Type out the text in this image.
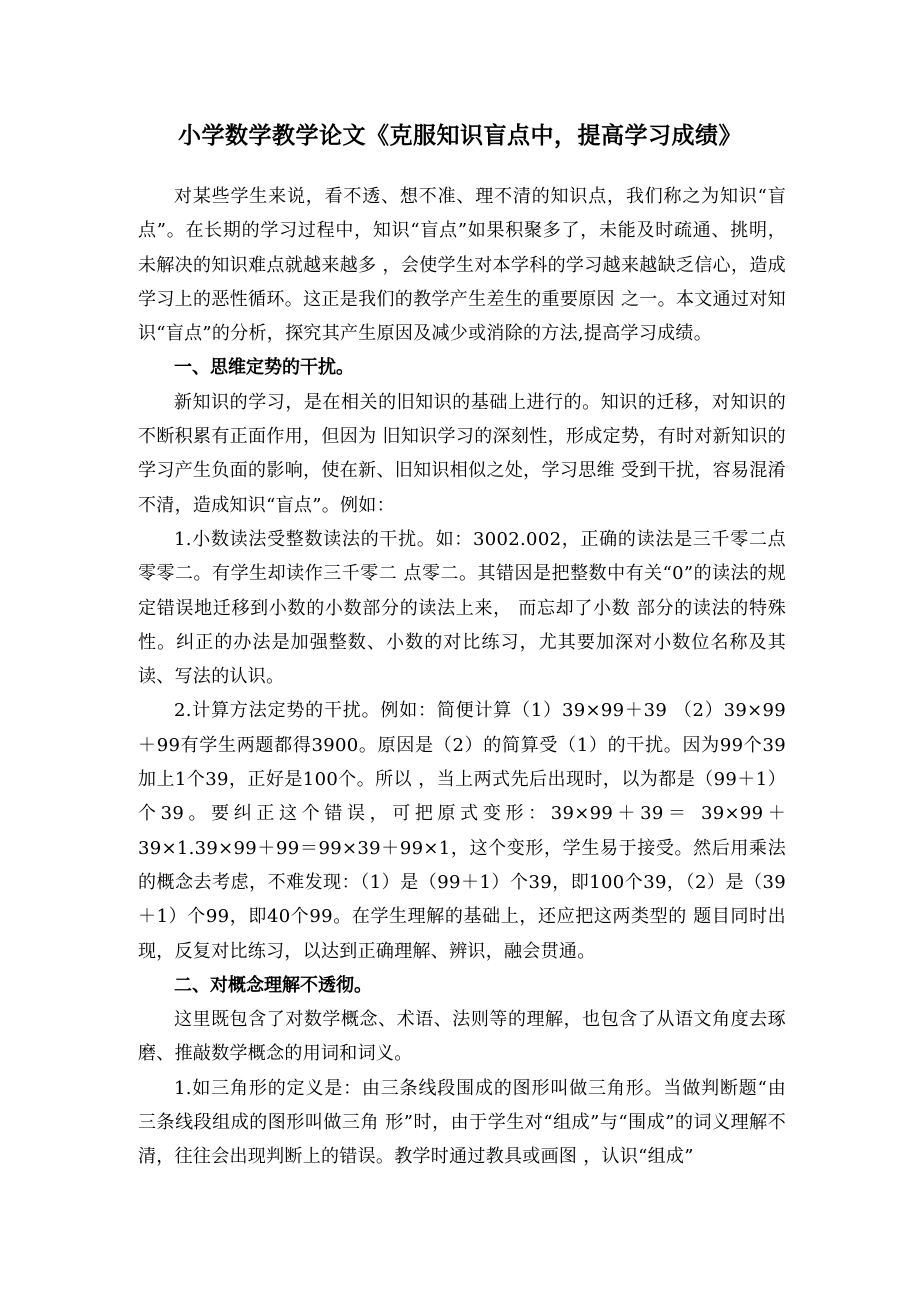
小学数学教学论文《克服知识盲点中，提高学习成绩》

对某些学生来说，看不透、想不准、理不清的知识点，我们称之为知识“盲点”。在长期的学习过程中，知识“盲点”如果积聚多了，未能及时疏通、挑明，未解决的知识难点就越来越多 ，会使学生对本学科的学习越来越缺乏信心，造成学习上的恶性循环。这正是我们的教学产生差生的重要原因 之一。本文通过对知识“盲点”的分析，探究其产生原因及减少或消除的方法,提高学习成绩。

一、思维定势的干扰。

新知识的学习，是在相关的旧知识的基础上进行的。知识的迁移，对知识的不断积累有正面作用，但因为 旧知识学习的深刻性，形成定势，有时对新知识的学习产生负面的影响，使在新、旧知识相似之处，学习思维 受到干扰，容易混淆不清，造成知识“盲点”。例如：

1.小数读法受整数读法的干扰。如：3002.002，正确的读法是三千零二点零零二。有学生却读作三千零二 点零二。其错因是把整数中有关“0”的读法的规定错误地迁移到小数的小数部分的读法上来， 而忘却了小数 部分的读法的特殊性。纠正的办法是加强整数、小数的对比练习，尤其要加深对小数位名称及其读、写法的认识。

2.计算方法定势的干扰。例如：简便计算（1）39×99＋39 （2）39×99＋99有学生两题都得3900。原因是（2）的简算受（1）的干扰。因为99个39加上1个39，正好是100个。所以 ，当上两式先后出现时，以为都是（99＋1）个39。要纠正这个错误，可把原式变形：39×99＋39＝ 39×99＋ 39×1.39×99＋99＝99×39＋99×1，这个变形，学生易于接受。然后用乘法的概念去考虑，不难发现：（1）是（99＋1）个39，即100个39，（2）是（39＋1）个99，即40个99。在学生理解的基础上，还应把这两类型的 题目同时出现，反复对比练习，以达到正确理解、辨识，融会贯通。

二、对概念理解不透彻。

这里既包含了对数学概念、术语、法则等的理解，也包含了从语文角度去琢磨、推敲数学概念的用词和词义。

1.如三角形的定义是：由三条线段围成的图形叫做三角形。当做判断题“由三条线段组成的图形叫做三角 形”时，由于学生对“组成”与“围成”的词义理解不清，往往会出现判断上的错误。教学时通过教具或画图 ，认识“组成”
